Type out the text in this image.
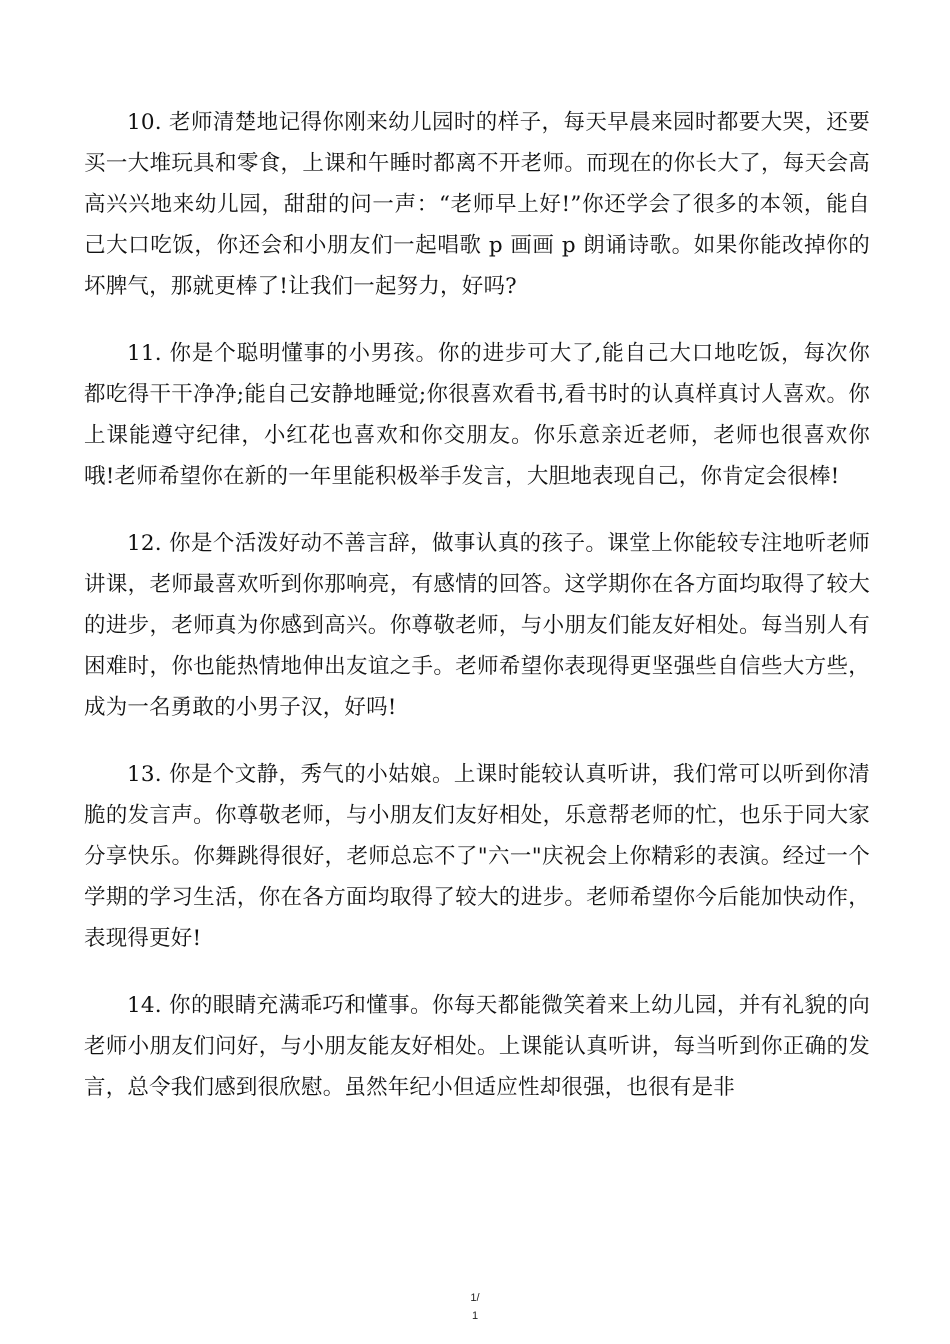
10. 老师清楚地记得你刚来幼儿园时的样子，每天早晨来园时都要大哭，还要买一大堆玩具和零食，上课和午睡时都离不开老师。而现在的你长大了，每天会高高兴兴地来幼儿园，甜甜的问一声：“老师早上好!”你还学会了很多的本领，能自己大口吃饭，你还会和小朋友们一起唱歌 p 画画 p 朗诵诗歌。如果你能改掉你的坏脾气，那就更棒了!让我们一起努力，好吗?

11. 你是个聪明懂事的小男孩。你的进步可大了,能自己大口地吃饭，每次你都吃得干干净净;能自己安静地睡觉;你很喜欢看书,看书时的认真样真讨人喜欢。你上课能遵守纪律，小红花也喜欢和你交朋友。你乐意亲近老师，老师也很喜欢你哦!老师希望你在新的一年里能积极举手发言，大胆地表现自己，你肯定会很棒!

12. 你是个活泼好动不善言辞，做事认真的孩子。课堂上你能较专注地听老师讲课，老师最喜欢听到你那响亮，有感情的回答。这学期你在各方面均取得了较大的进步，老师真为你感到高兴。你尊敬老师，与小朋友们能友好相处。每当别人有困难时，你也能热情地伸出友谊之手。老师希望你表现得更坚强些自信些大方些，成为一名勇敢的小男子汉，好吗!

13. 你是个文静，秀气的小姑娘。上课时能较认真听讲，我们常可以听到你清脆的发言声。你尊敬老师，与小朋友们友好相处，乐意帮老师的忙，也乐于同大家分享快乐。你舞跳得很好，老师总忘不了"六一"庆祝会上你精彩的表演。经过一个学期的学习生活，你在各方面均取得了较大的进步。老师希望你今后能加快动作，表现得更好!

14. 你的眼睛充满乖巧和懂事。你每天都能微笑着来上幼儿园，并有礼貌的向老师小朋友们问好，与小朋友能友好相处。上课能认真听讲，每当听到你正确的发言，总令我们感到很欣慰。虽然年纪小但适应性却很强，也很有是非

1/
1
